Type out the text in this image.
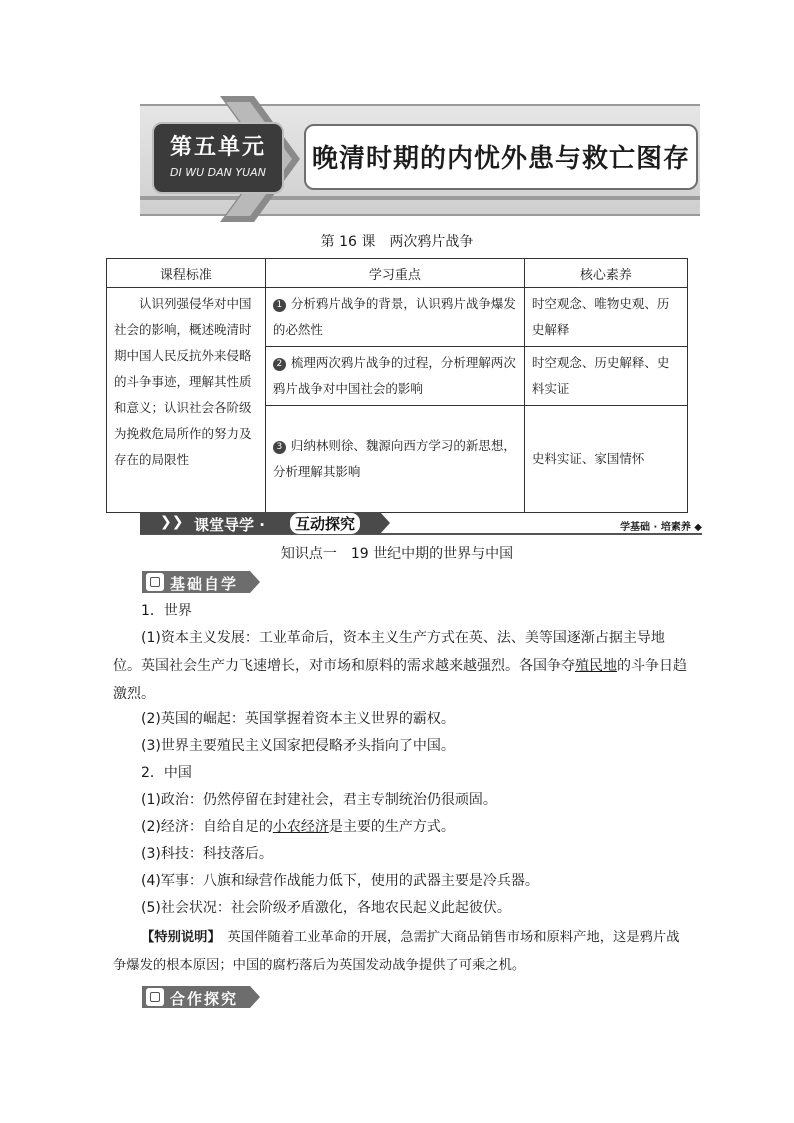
第五单元
DI WU DAN YUAN	晚清时期的内忧外患与救亡图存
第 16 课　两次鸦片战争
课程标准	学习重点	核心素养
认识列强侵华对中国社会的影响，概述晚清时期中国人民反抗外来侵略的斗争事迹，理解其性质和意义；认识社会各阶级为挽救危局所作的努力及存在的局限性	1 分析鸦片战争的背景，认识鸦片战争爆发的必然性	时空观念、唯物史观、历史解释
	2 梳理两次鸦片战争的过程，分析理解两次鸦片战争对中国社会的影响	时空观念、历史解释、史料实证
	3 归纳林则徐、魏源向西方学习的新思想，分析理解其影响	史料实证、家国情怀
❯❯ 课堂导学 ·	互动探究	学基础 · 培素养 ◆
知识点一　19 世纪中期的世界与中国
基础自学
1．世界
(1)资本主义发展：工业革命后，资本主义生产方式在英、法、美等国逐渐占据主导地位。英国社会生产力飞速增长，对市场和原料的需求越来越强烈。各国争夺殖民地的斗争日趋激烈。
(2)英国的崛起：英国掌握着资本主义世界的霸权。
(3)世界主要殖民主义国家把侵略矛头指向了中国。
2．中国
(1)政治：仍然停留在封建社会，君主专制统治仍很顽固。
(2)经济：自给自足的小农经济是主要的生产方式。
(3)科技：科技落后。
(4)军事：八旗和绿营作战能力低下，使用的武器主要是冷兵器。
(5)社会状况：社会阶级矛盾激化，各地农民起义此起彼伏。
【特别说明】　英国伴随着工业革命的开展，急需扩大商品销售市场和原料产地，这是鸦片战争爆发的根本原因；中国的腐朽落后为英国发动战争提供了可乘之机。
合作探究
